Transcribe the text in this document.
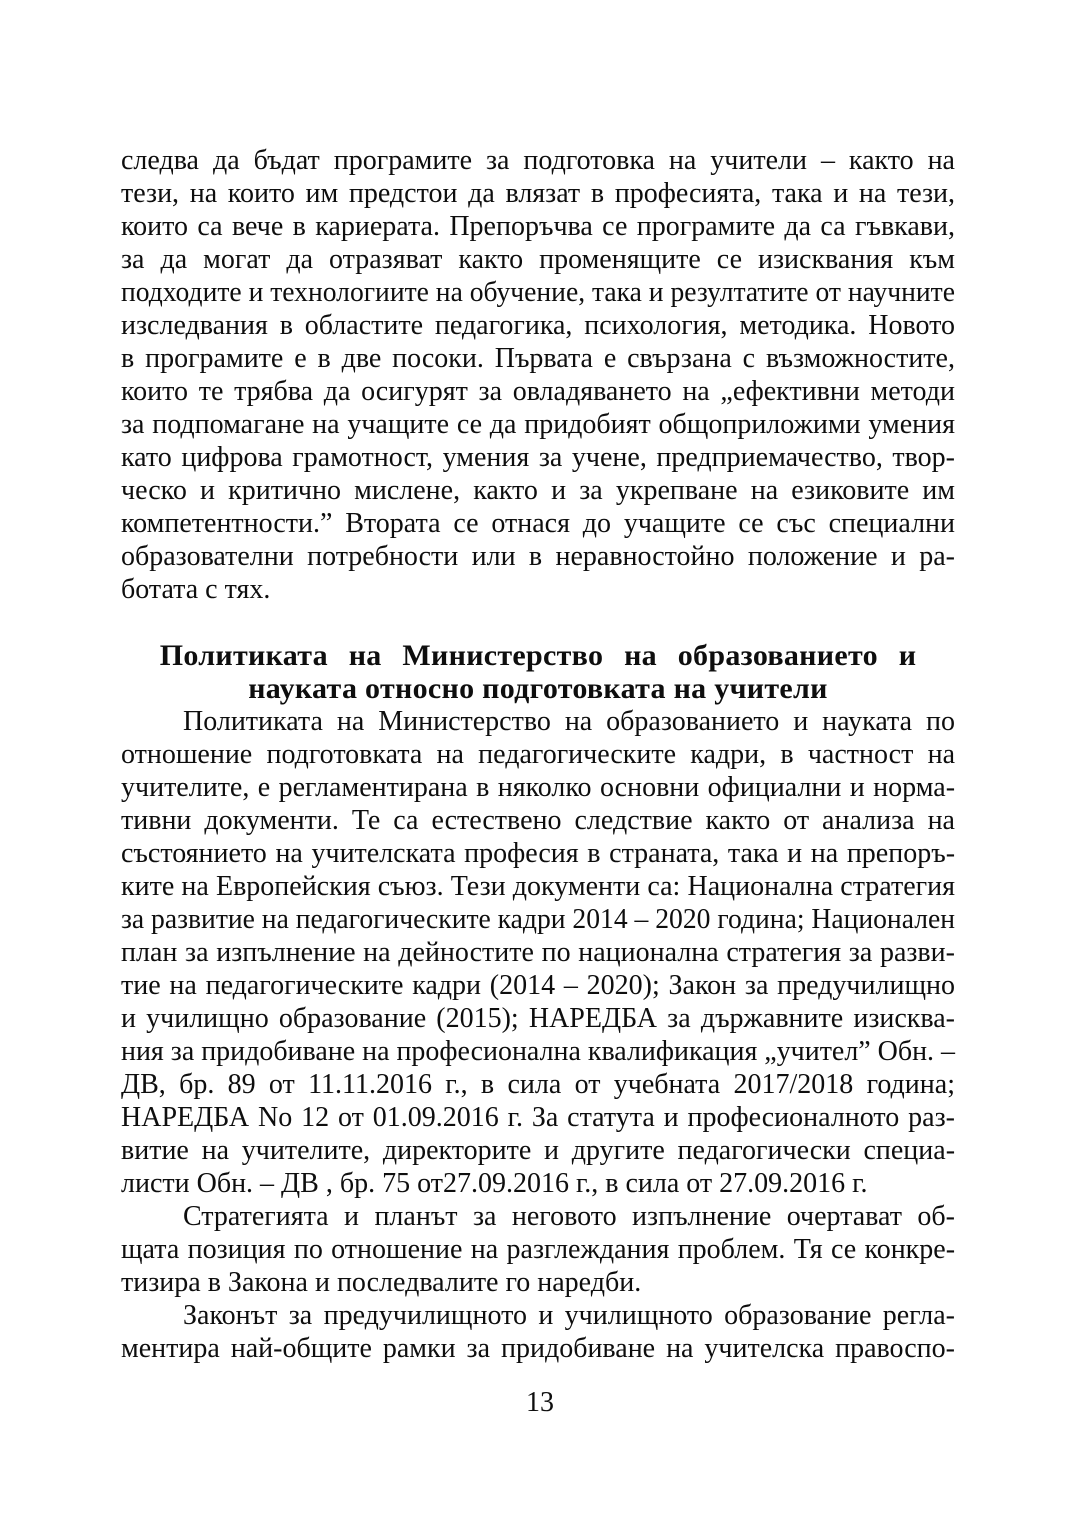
следва да бъдат програмите за подготовка на учители – както на
тези, на които им предстои да влязат в професията, така и на тези,
които са вече в кариерата. Препоръчва се програмите да са гъвкави,
за да могат да отразяват както променящите се изисквания към
подходите и технологиите на обучение, така и резултатите от научните
изследвания в областите педагогика, психология, методика. Новото
в програмите е в две посоки. Първата е свързана с възможностите,
които те трябва да осигурят за овладяването на „ефективни методи
за подпомагане на учащите се да придобият общоприложими умения
като цифрова грамотност, умения за учене, предприемачество, твор-
ческо и критично мислене, както и за укрепване на езиковите им
компетентности.” Втората се отнася до учащите се със специални
образователни потребности или в неравностойно положение и ра-
ботата с тях.
Политиката на Министерство на образованието и
науката относно подготовката на учители
Политиката на Министерство на образованието и науката по
отношение подготовката на педагогическите кадри, в частност на
учителите, е регламентирана в няколко основни официални и норма-
тивни документи. Те са естествено следствие както от анализа на
състоянието на учителската професия в страната, така и на препоръ-
ките на Европейския съюз. Тези документи са: Национална стратегия
за развитие на педагогическите кадри 2014 – 2020 година; Национален
план за изпълнение на дейностите по национална стратегия за разви-
тие на педагогическите кадри (2014 – 2020); Закон за предучилищно
и училищно образование (2015); НАРЕДБА за държавните изисква-
ния за придобиване на професионална квалификация „учител” Обн. –
ДВ, бр. 89 от 11.11.2016 г., в сила от учебната 2017/2018 година;
НАРЕДБА No 12 от 01.09.2016 г. За статута и професионалното раз-
витие на учителите, директорите и другите педагогически специа-
листи Обн. – ДВ , бр. 75 от27.09.2016 г., в сила от 27.09.2016 г.
Стратегията и планът за неговото изпълнение очертават об-
щата позиция по отношение на разглеждания проблем. Тя се конкре-
тизира в Закона и последвалите го наредби.
Законът за предучилищното и училищното образование регла-
ментира най-общите рамки за придобиване на учителска правоспо-
13
